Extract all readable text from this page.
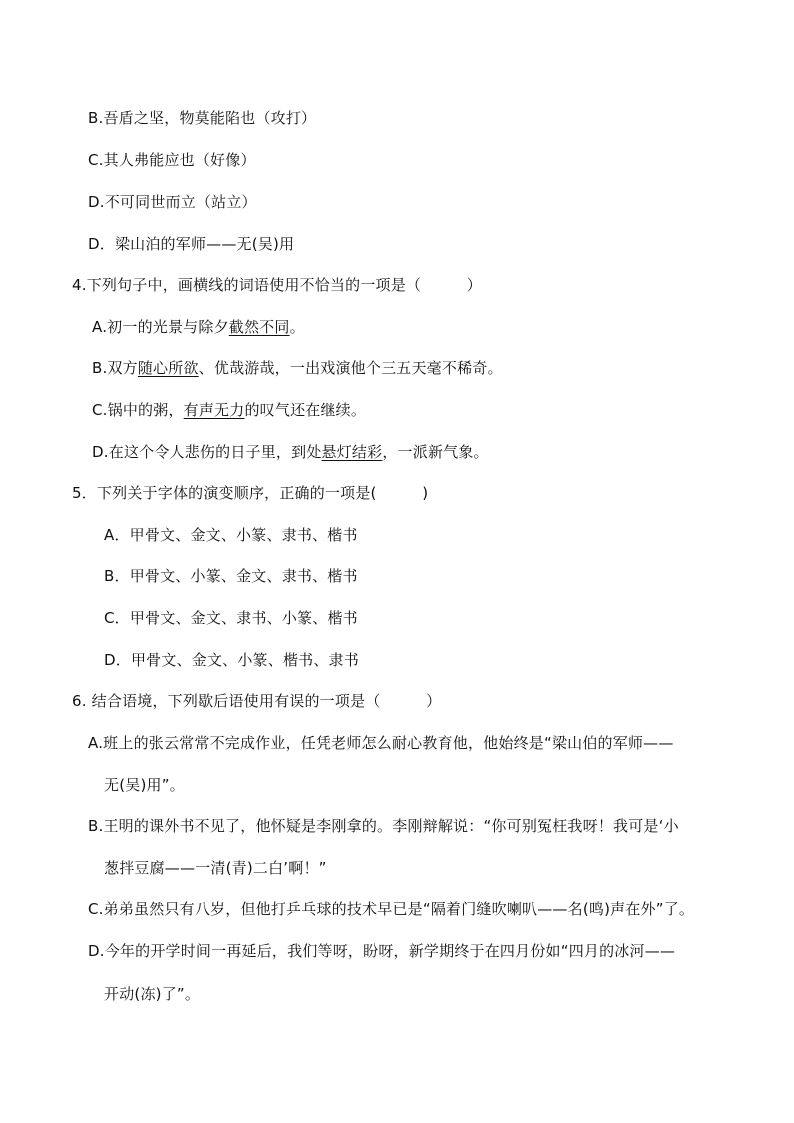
B.吾盾之坚，物莫能陷也（攻打）
C.其人弗能应也（好像）
D.不可同世而立（站立）
D．梁山泊的军师——无(吴)用
4.下列句子中，画横线的词语使用不恰当的一项是（　　　）
A.初一的光景与除夕截然不同。
B.双方随心所欲、优哉游哉，一出戏演他个三五天毫不稀奇。
C.锅中的粥，有声无力的叹气还在继续。
D.在这个令人悲伤的日子里，到处悬灯结彩，一派新气象。
5．下列关于字体的演变顺序，正确的一项是(　　　)
A．甲骨文、金文、小篆、隶书、楷书
B．甲骨文、小篆、金文、隶书、楷书
C．甲骨文、金文、隶书、小篆、楷书
D．甲骨文、金文、小篆、楷书、隶书
6. 结合语境，下列歇后语使用有误的一项是（　　　）
A.班上的张云常常不完成作业，任凭老师怎么耐心教育他，他始终是“梁山伯的军师——
无(吴)用”。
B.王明的课外书不见了，他怀疑是李刚拿的。李刚辩解说：“你可别冤枉我呀！我可是‘小
葱拌豆腐——一清(青)二白’啊！”
C.弟弟虽然只有八岁，但他打乒乓球的技术早已是“隔着门缝吹喇叭——名(鸣)声在外”了。
D.今年的开学时间一再延后，我们等呀，盼呀，新学期终于在四月份如“四月的冰河——
开动(冻)了”。
